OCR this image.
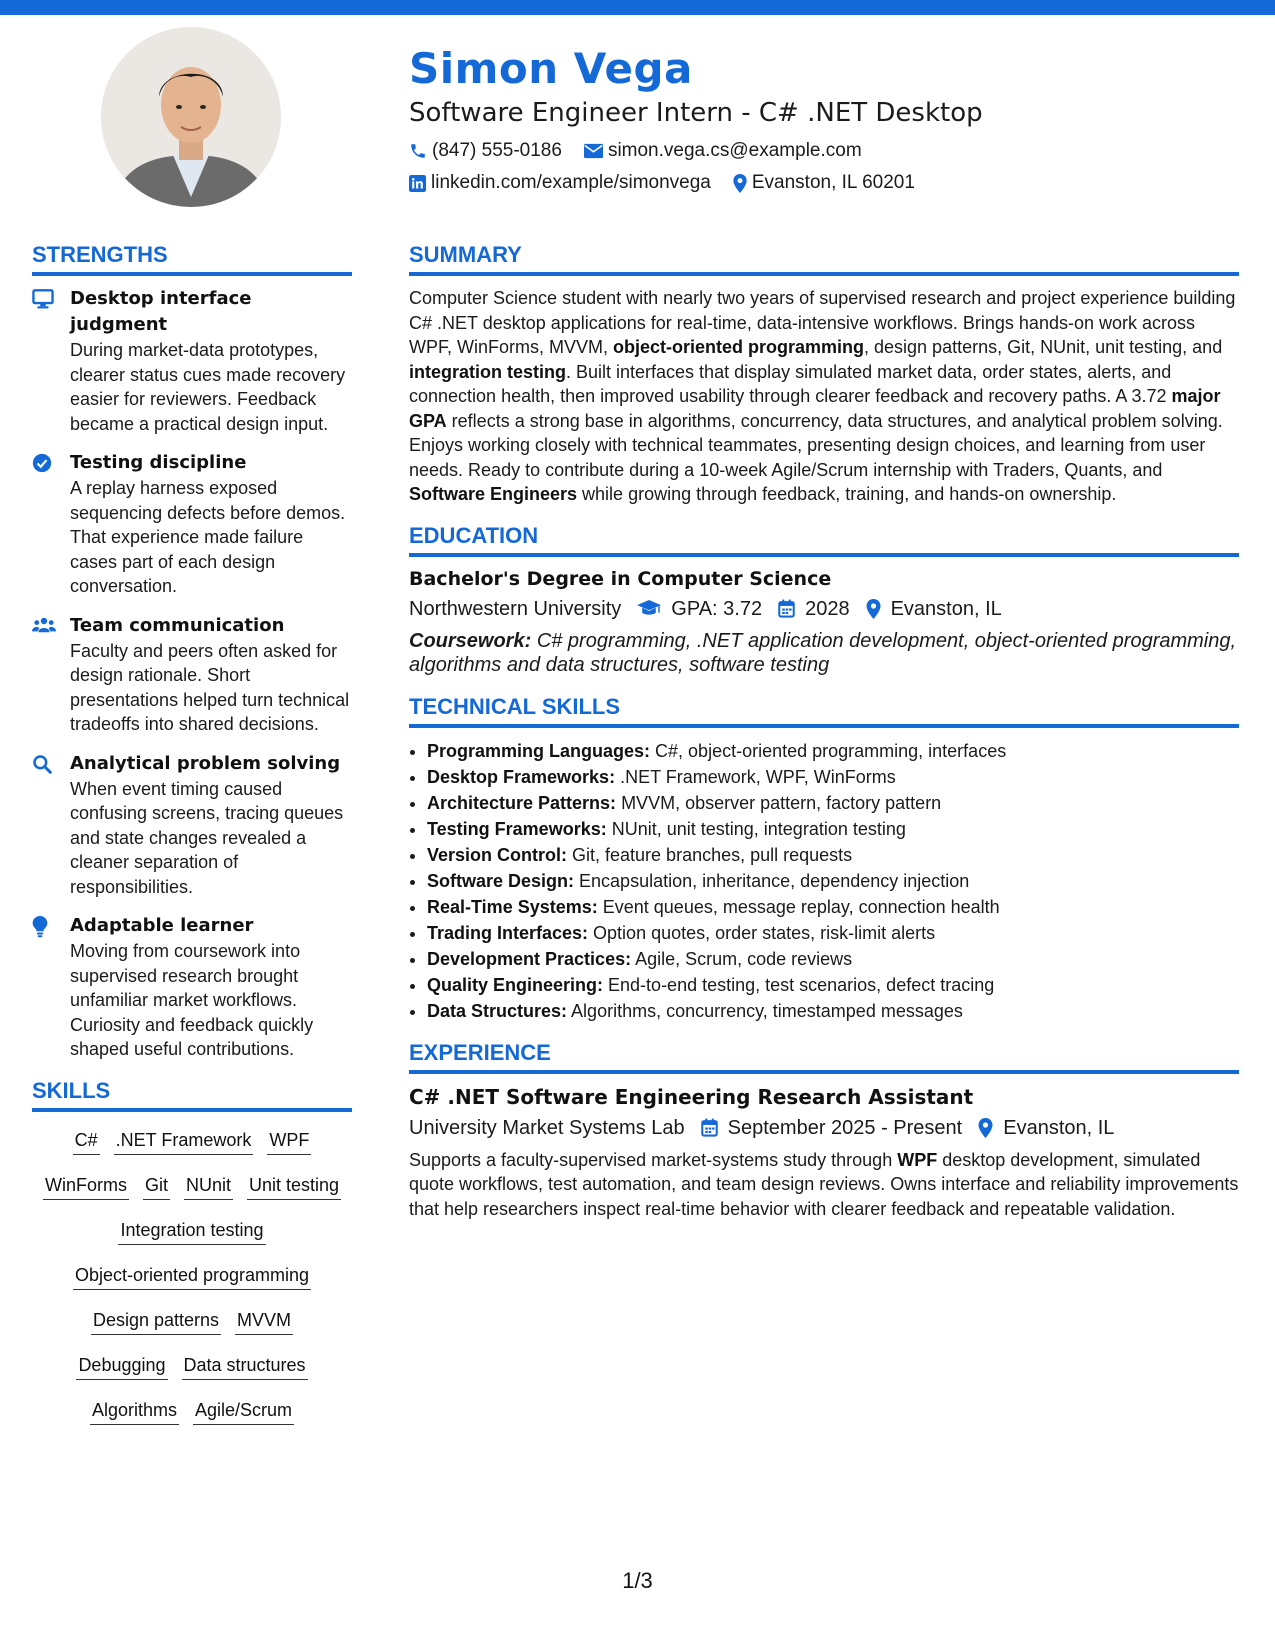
Simon Vega
Software Engineer Intern - C# .NET Desktop
(847) 555-0186 simon.vega.cs@example.com
linkedin.com/example/simonvega Evanston, IL 60201
STRENGTHS
Desktop interface judgment
During market-data prototypes, clearer status cues made recovery easier for reviewers. Feedback became a practical design input.
Testing discipline
A replay harness exposed sequencing defects before demos. That experience made failure cases part of each design conversation.
Team communication
Faculty and peers often asked for design rationale. Short presentations helped turn technical tradeoffs into shared decisions.
Analytical problem solving
When event timing caused confusing screens, tracing queues and state changes revealed a cleaner separation of responsibilities.
Adaptable learner
Moving from coursework into supervised research brought unfamiliar market workflows. Curiosity and feedback quickly shaped useful contributions.
SKILLS
C# .NET Framework WPF
WinForms Git NUnit Unit testing
Integration testing
Object-oriented programming
Design patterns MVVM
Debugging Data structures
Algorithms Agile/Scrum
SUMMARY

Computer Science student with nearly two years of supervised research and project experience building C# .NET desktop applications for real-time, data-intensive workflows. Brings hands-on work across WPF, WinForms, MVVM, object-oriented programming, design patterns, Git, NUnit, unit testing, and integration testing. Built interfaces that display simulated market data, order states, alerts, and connection health, then improved usability through clearer feedback and recovery paths. A 3.72 major GPA reflects a strong base in algorithms, concurrency, data structures, and analytical problem solving. Enjoys working closely with technical teammates, presenting design choices, and learning from user needs. Ready to contribute during a 10-week Agile/Scrum internship with Traders, Quants, and Software Engineers while growing through feedback, training, and hands-on ownership.

EDUCATION
Bachelor's Degree in Computer Science
Northwestern University	GPA: 3.72 2028 Evanston, IL
Coursework: C# programming, .NET application development, object-oriented programming, algorithms and data structures, software testing
TECHNICAL SKILLS
• Programming Languages: C#, object-oriented programming, interfaces
• Desktop Frameworks: .NET Framework, WPF, WinForms
• Architecture Patterns: MVVM, observer pattern, factory pattern
• Testing Frameworks: NUnit, unit testing, integration testing
• Version Control: Git, feature branches, pull requests
• Software Design: Encapsulation, inheritance, dependency injection
• Real-Time Systems: Event queues, message replay, connection health
• Trading Interfaces: Option quotes, order states, risk-limit alerts
• Development Practices: Agile, Scrum, code reviews
• Quality Engineering: End-to-end testing, test scenarios, defect tracing
• Data Structures: Algorithms, concurrency, timestamped messages
EXPERIENCE
C# .NET Software Engineering Research Assistant
University Market Systems Lab September 2025 - Present Evanston, IL

Supports a faculty-supervised market-systems study through WPF desktop development, simulated quote workflows, test automation, and team design reviews. Owns interface and reliability improvements that help researchers inspect real-time behavior with clearer feedback and repeatable validation.

1/3
